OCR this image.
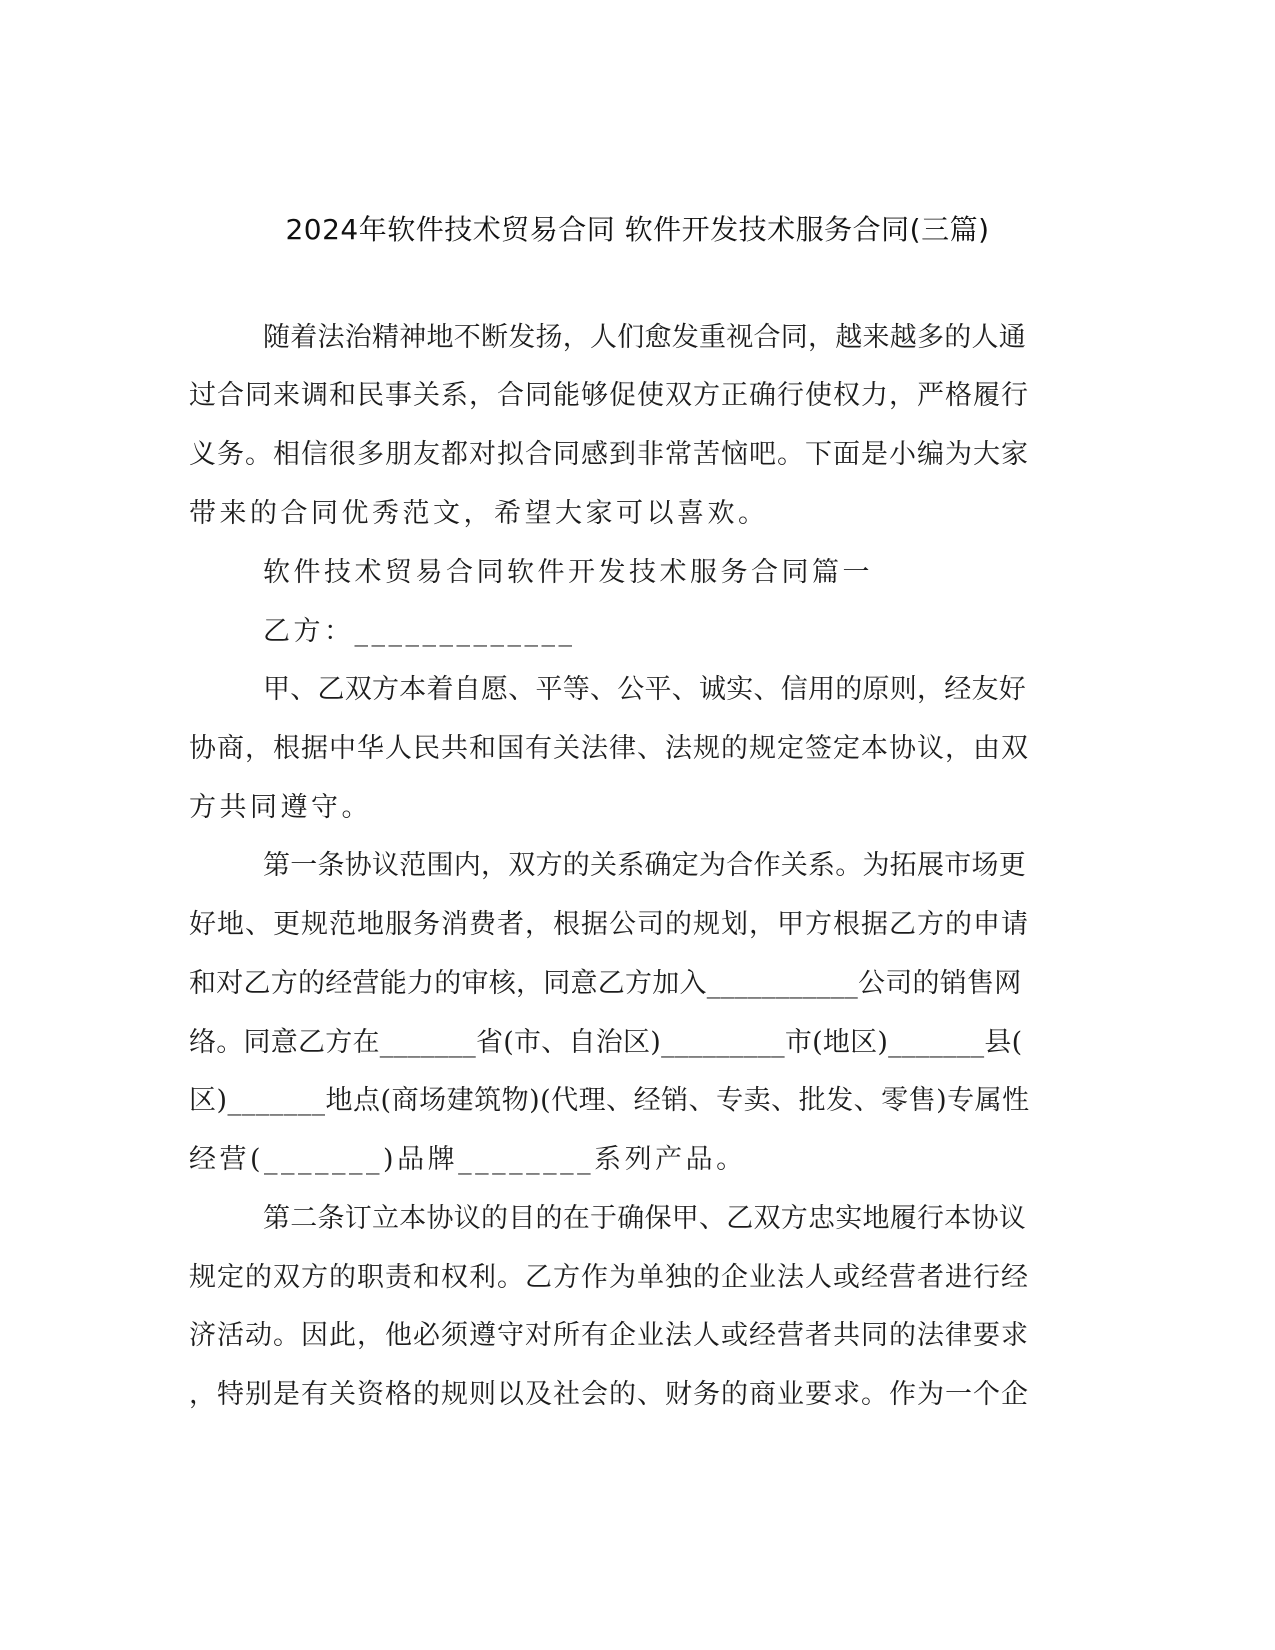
2024年软件技术贸易合同 软件开发技术服务合同(三篇)
随着法治精神地不断发扬，人们愈发重视合同，越来越多的人通
过合同来调和民事关系，合同能够促使双方正确行使权力，严格履行
义务。相信很多朋友都对拟合同感到非常苦恼吧。下面是小编为大家
带来的合同优秀范文，希望大家可以喜欢。
软件技术贸易合同软件开发技术服务合同篇一
乙方：_____________
甲、乙双方本着自愿、平等、公平、诚实、信用的原则，经友好
协商，根据中华人民共和国有关法律、法规的规定签定本协议，由双
方共同遵守。
第一条协议范围内，双方的关系确定为合作关系。为拓展市场更
好地、更规范地服务消费者，根据公司的规划，甲方根据乙方的申请
和对乙方的经营能力的审核，同意乙方加入___________公司的销售网
络。同意乙方在_______省(市、自治区)_________市(地区)_______县(
区)_______地点(商场建筑物)(代理、经销、专卖、批发、零售)专属性
经营(_______)品牌________系列产品。
第二条订立本协议的目的在于确保甲、乙双方忠实地履行本协议
规定的双方的职责和权利。乙方作为单独的企业法人或经营者进行经
济活动。因此，他必须遵守对所有企业法人或经营者共同的法律要求
，特别是有关资格的规则以及社会的、财务的商业要求。作为一个企
